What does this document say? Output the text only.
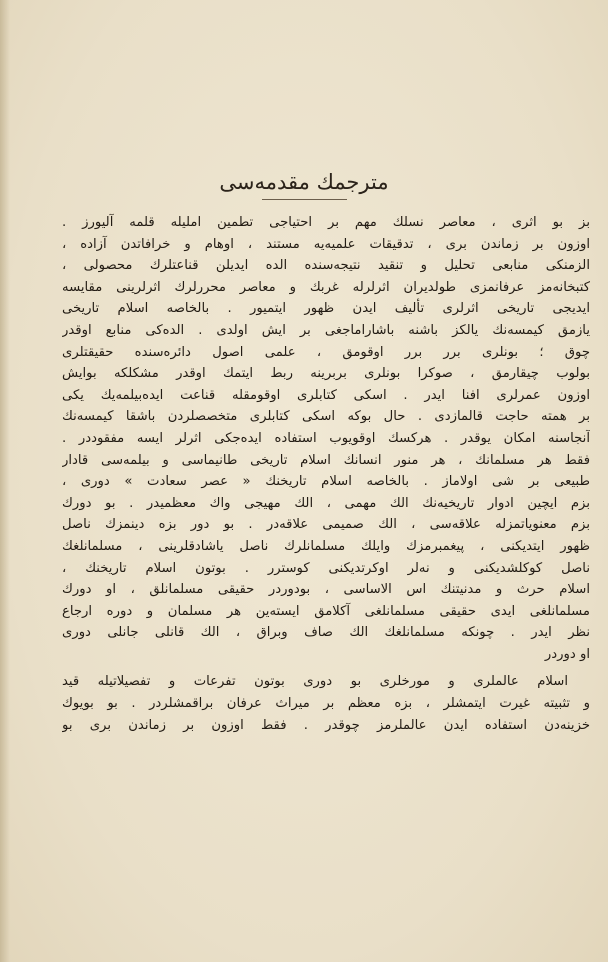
مترجمك مقدمه‌سی
بز بو اثری ، معاصر نسلك مهم بر احتیاجی تطمین املیله قلمه آلیورز .
اوزون بر زماندن بری ، تدقیقات علمیه‌یه مستند ، اوهام و خرافاتدن آزاده ،
الزمنکی منابعی تحلیل و تنقید نتیجه‌سنده الده ایدیلن قناعتلرك محصولی ،
کتبخانه‌مز عرفانمزی طولدیران اثرلرله غربك و معاصر محررلرك اثرلرینی مقایسه
ایدیجی تاریخی اثرلری تألیف ایدن ظهور ایتمیور . بالخاصه اسلام تاریخی
یازمق کیمسه‌نك یالکز باشنه باشاراماجغی بر ایش اولدی . الده‌کی منابع اوقدر
چوق ؛ بونلری برر برر اوقومق ، علمی اصول دائره‌سنده حقیقتلری
بولوب چیقارمق ، صوکرا بونلری بربرینه ربط ایتمك اوقدر مشکلکه بوایش
اوزون عمرلری افنا ایدر . اسکی کتابلری اوقومقله قناعت ایده‌بیلمه‌یك یکی
بر همته حاجت قالمازدی . حال بوکه اسکی کتابلری متخصصلردن باشقا کیمسه‌نك
آنجاسنه امکان یوقدر . هرکسك اوقویوب استفاده ایده‌جکی اثرلر ایسه مفقوددر .
فقط هر مسلمانك ، هر منور انسانك اسلام تاریخی طانیماسی و بیلمه‌سی قادار
طبیعی بر شی اولاماز . بالخاصه اسلام تاریخنك « عصر سعادت » دوری ،
بزم ایچین ادوار تاریخیه‌نك الك مهمی ، الك مهیجی واك معظمیدر . بو دورك
بزم معنویاتمزله علاقه‌سی ، الك صمیمی علاقه‌در . بو دور بزه دینمزك ناصل
ظهور ایتدیکنی ، پیغمبرمزك وایلك مسلمانلرك ناصل یاشادقلرینی ، مسلمانلغك
ناصل کوکلشدیکنی و نه‌لر اوکرتدیکنی کوسترر . بوتون اسلام تاریخنك ،
اسلام حرث و مدنیتنك اس الاساسی ، بودوردر حقیقی مسلمانلق ، او دورك
مسلمانلغی ایدی حقیقی مسلمانلغی آکلامق ایسته‌ین هر مسلمان و دوره ارجاع
نظر ایدر . چونکه مسلمانلغك الك صاف وبراق ، الك قانلی جانلی دوری
او دوردر
اسلام عالملری و مورخلری بو دوری بوتون تفرعات و تفصیلاتیله قید
و تثبیته غیرت ایتمشلر ، بزه معظم بر میراث عرفان براقمشلردر . بو بویوك
خزینه‌دن استفاده ایدن عالملرمز چوقدر . فقط اوزون بر زماندن بری بو
